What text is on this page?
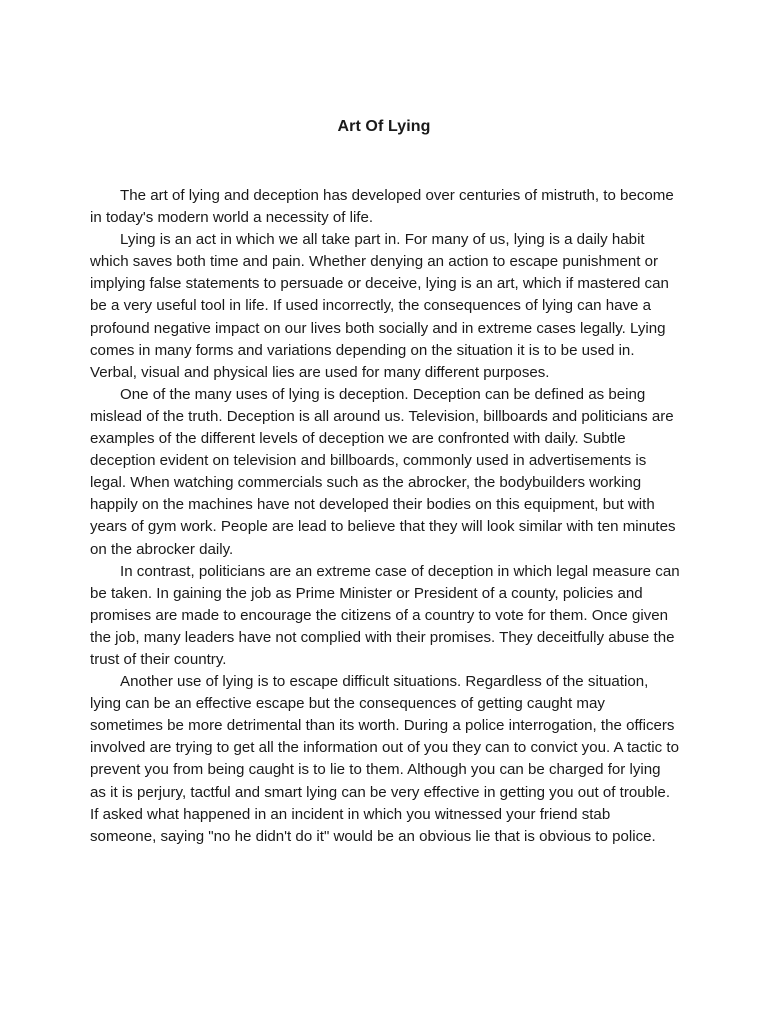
Art Of Lying

The art of lying and deception has developed over centuries of mistruth, to become in today's modern world a necessity of life.

Lying is an act in which we all take part in. For many of us, lying is a daily habit which saves both time and pain. Whether denying an action to escape punishment or implying false statements to persuade or deceive, lying is an art, which if mastered can be a very useful tool in life. If used incorrectly, the consequences of lying can have a profound negative impact on our lives both socially and in extreme cases legally. Lying comes in many forms and variations depending on the situation it is to be used in. Verbal, visual and physical lies are used for many different purposes.

One of the many uses of lying is deception. Deception can be defined as being mislead of the truth. Deception is all around us. Television, billboards and politicians are examples of the different levels of deception we are confronted with daily. Subtle deception evident on television and billboards, commonly used in advertisements is legal. When watching commercials such as the abrocker, the bodybuilders working happily on the machines have not developed their bodies on this equipment, but with years of gym work. People are lead to believe that they will look similar with ten minutes on the abrocker daily.

In contrast, politicians are an extreme case of deception in which legal measure can be taken. In gaining the job as Prime Minister or President of a county, policies and promises are made to encourage the citizens of a country to vote for them. Once given the job, many leaders have not complied with their promises. They deceitfully abuse the trust of their country.

Another use of lying is to escape difficult situations. Regardless of the situation, lying can be an effective escape but the consequences of getting caught may sometimes be more detrimental than its worth. During a police interrogation, the officers involved are trying to get all the information out of you they can to convict you. A tactic to prevent you from being caught is to lie to them. Although you can be charged for lying as it is perjury, tactful and smart lying can be very effective in getting you out of trouble. If asked what happened in an incident in which you witnessed your friend stab someone, saying "no he didn't do it" would be an obvious lie that is obvious to police.
